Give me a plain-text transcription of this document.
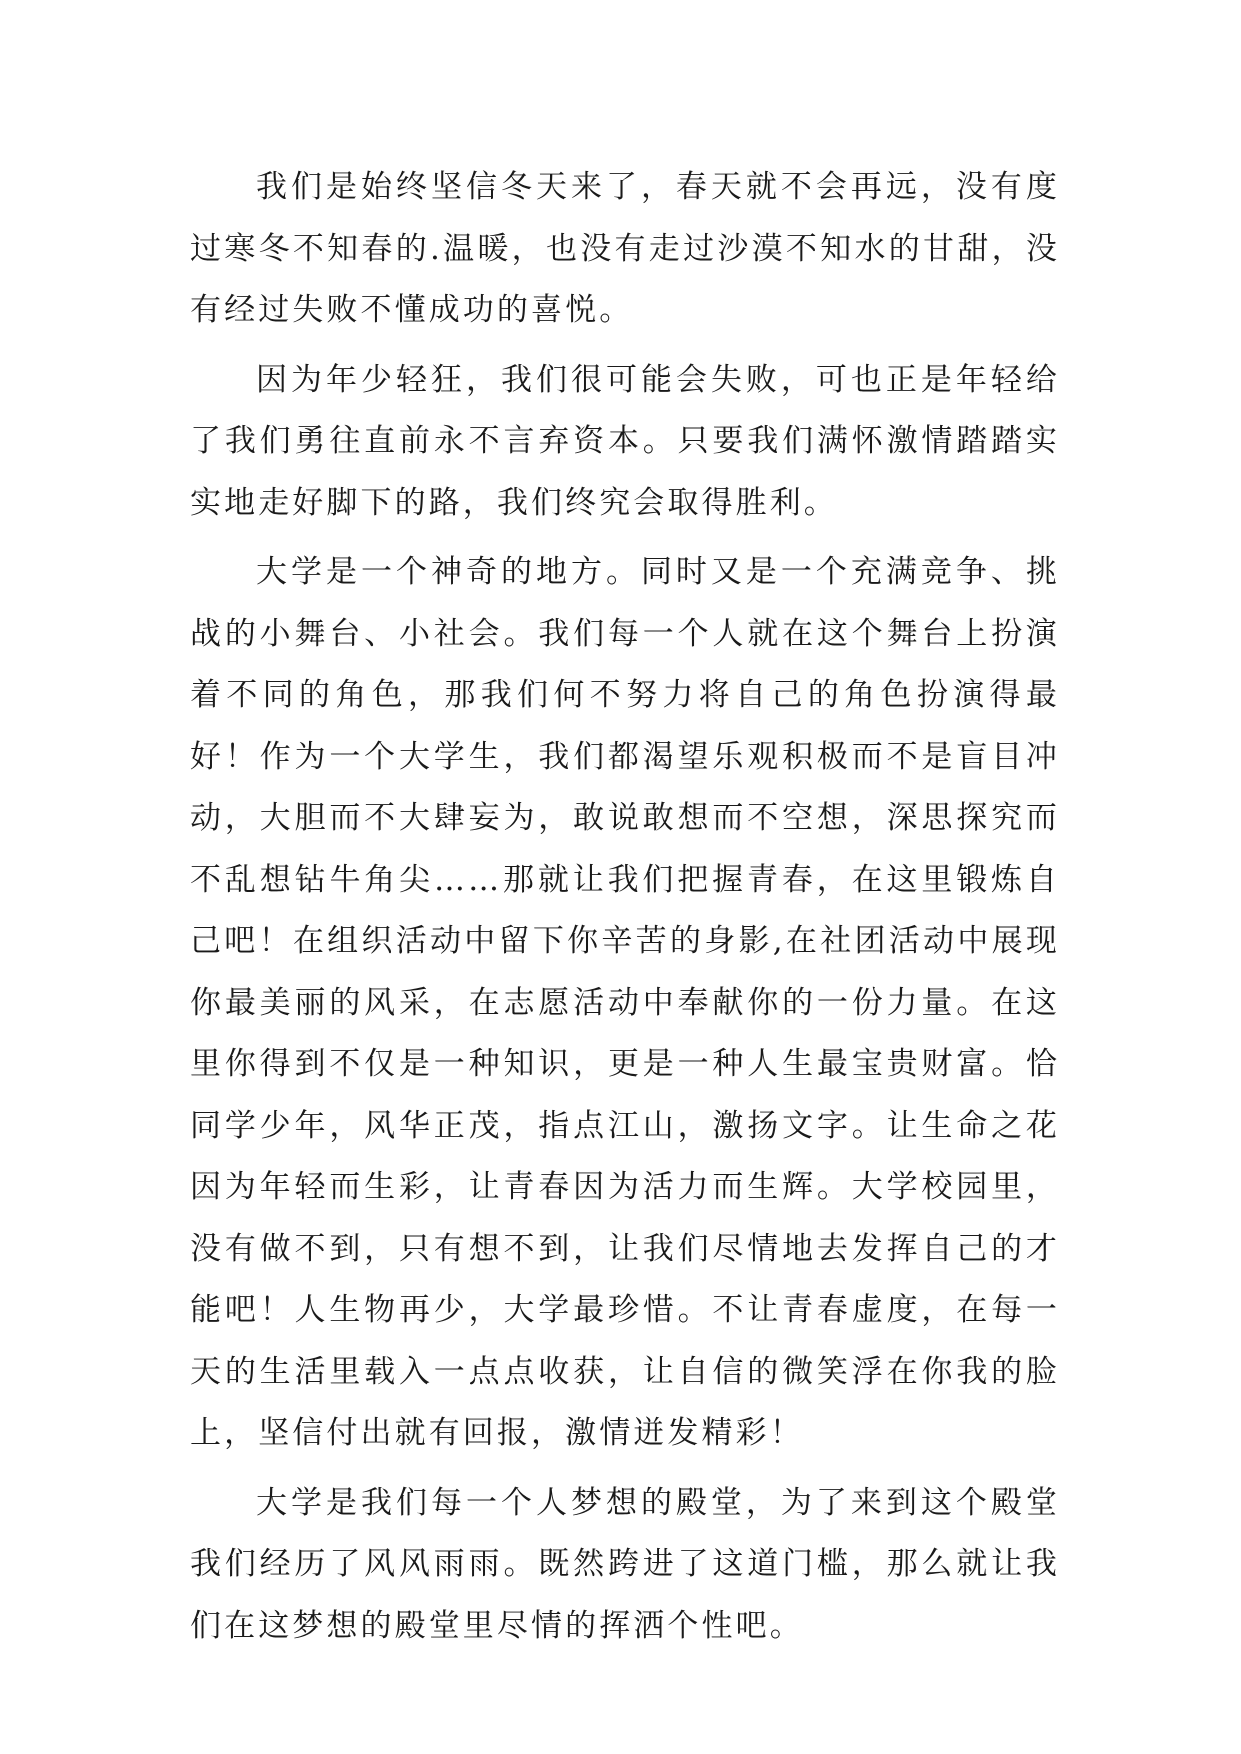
我们是始终坚信冬天来了，春天就不会再远，没有度过寒冬不知春的.温暖，也没有走过沙漠不知水的甘甜，没有经过失败不懂成功的喜悦。

因为年少轻狂，我们很可能会失败，可也正是年轻给了我们勇往直前永不言弃资本。只要我们满怀激情踏踏实实地走好脚下的路，我们终究会取得胜利。

大学是一个神奇的地方。同时又是一个充满竞争、挑战的小舞台、小社会。我们每一个人就在这个舞台上扮演着不同的角色，那我们何不努力将自己的角色扮演得最好！作为一个大学生，我们都渴望乐观积极而不是盲目冲动，大胆而不大肆妄为，敢说敢想而不空想，深思探究而不乱想钻牛角尖……那就让我们把握青春，在这里锻炼自己吧！在组织活动中留下你辛苦的身影,在社团活动中展现你最美丽的风采，在志愿活动中奉献你的一份力量。在这里你得到不仅是一种知识，更是一种人生最宝贵财富。恰同学少年，风华正茂，指点江山，激扬文字。让生命之花因为年轻而生彩，让青春因为活力而生辉。大学校园里，没有做不到，只有想不到，让我们尽情地去发挥自己的才能吧！人生物再少，大学最珍惜。不让青春虚度，在每一天的生活里载入一点点收获，让自信的微笑浮在你我的脸上，坚信付出就有回报，激情迸发精彩！

大学是我们每一个人梦想的殿堂，为了来到这个殿堂我们经历了风风雨雨。既然跨进了这道门槛，那么就让我们在这梦想的殿堂里尽情的挥洒个性吧。
